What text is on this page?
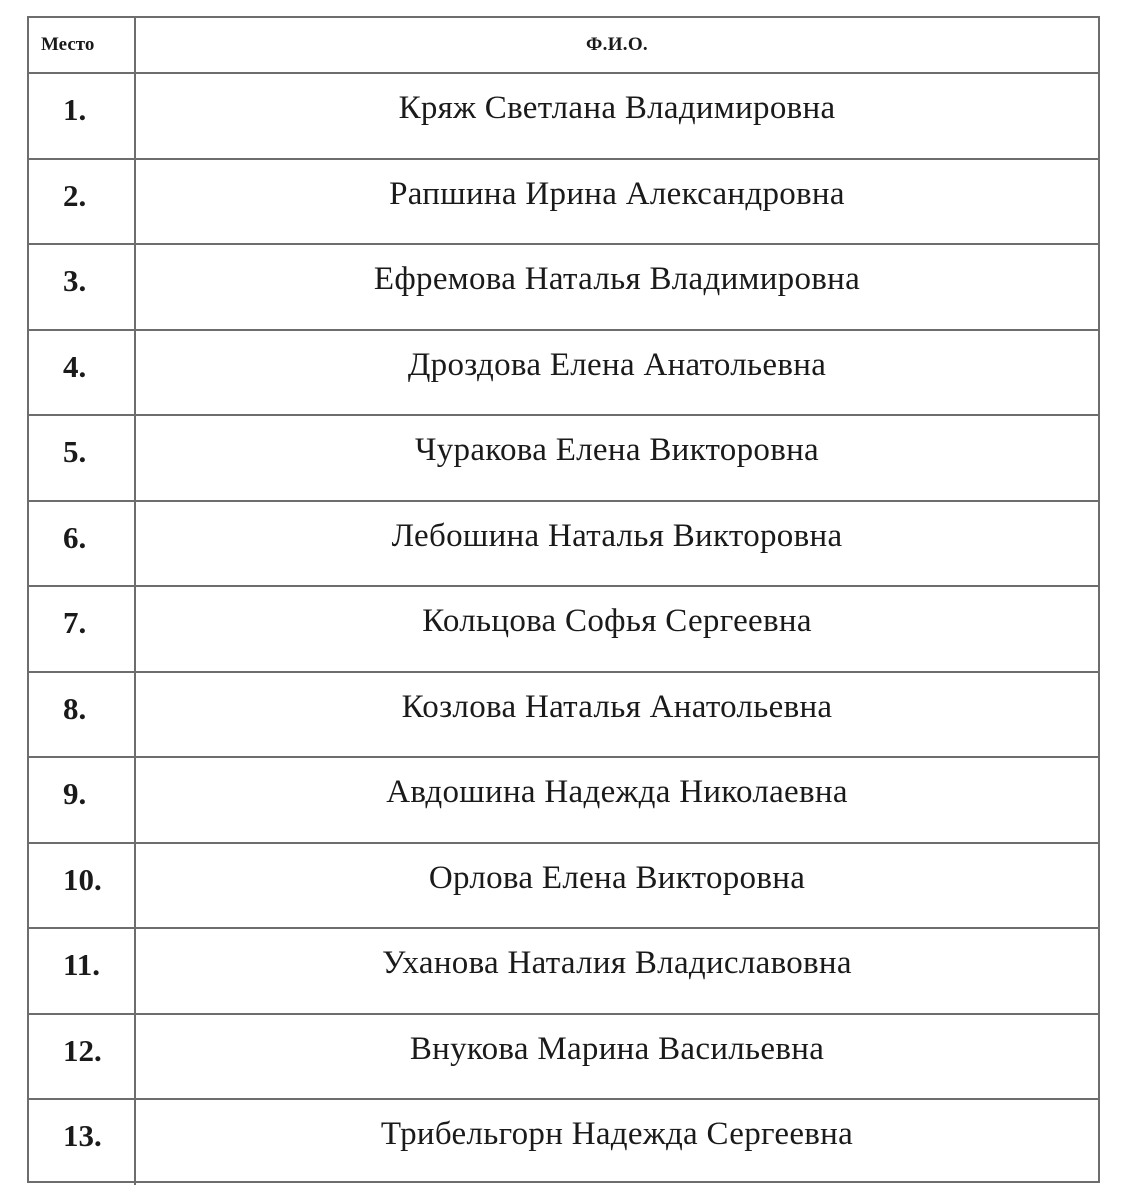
Место	Ф.И.О.
1.	Кряж Светлана Владимировна
2.	Рапшина Ирина Александровна
3.	Ефремова Наталья Владимировна
4.	Дроздова Елена Анатольевна
5.	Чуракова Елена Викторовна
6.	Лебошина Наталья Викторовна
7.	Кольцова Софья Сергеевна
8.	Козлова Наталья Анатольевна
9.	Авдошина Надежда Николаевна
10.	Орлова Елена Викторовна
11.	Уханова Наталия Владиславовна
12.	Внукова Марина Васильевна
13.	Трибельгорн Надежда Сергеевна
